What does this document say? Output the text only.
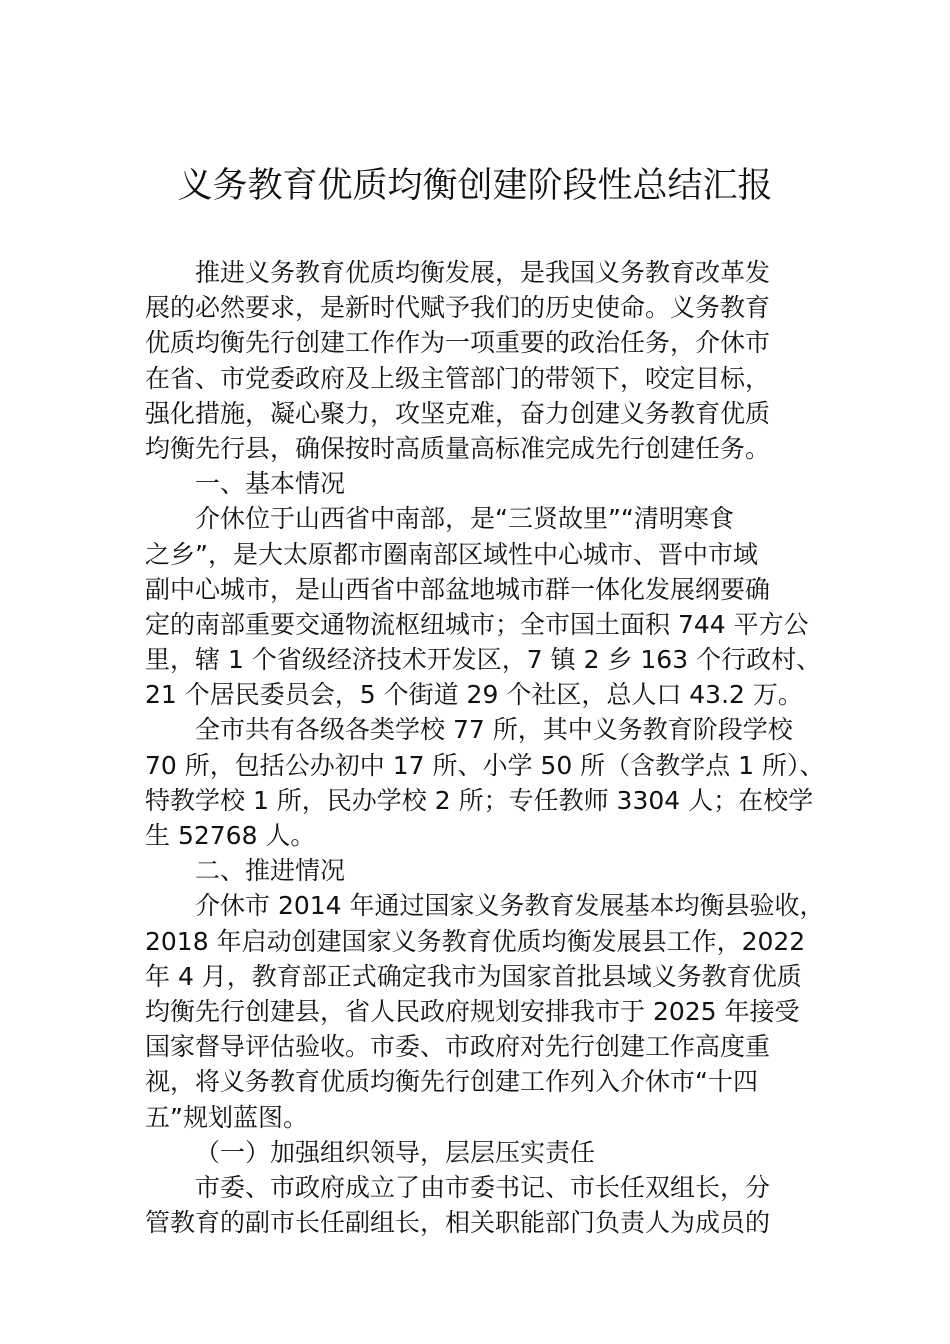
义务教育优质均衡创建阶段性总结汇报
推进义务教育优质均衡发展，是我国义务教育改革发
展的必然要求，是新时代赋予我们的历史使命。义务教育
优质均衡先行创建工作作为一项重要的政治任务，介休市
在省、市党委政府及上级主管部门的带领下，咬定目标，
强化措施，凝心聚力，攻坚克难，奋力创建义务教育优质
均衡先行县，确保按时高质量高标准完成先行创建任务。
一、基本情况
介休位于山西省中南部，是“三贤故里”“清明寒食
之乡”，是大太原都市圈南部区域性中心城市、晋中市域
副中心城市，是山西省中部盆地城市群一体化发展纲要确
定的南部重要交通物流枢纽城市；全市国土面积 744 平方公
里，辖 1 个省级经济技术开发区，7 镇 2 乡 163 个行政村、
21 个居民委员会，5 个街道 29 个社区，总人口 43.2 万。
全市共有各级各类学校 77 所，其中义务教育阶段学校
70 所，包括公办初中 17 所、小学 50 所（含教学点 1 所）、
特教学校 1 所，民办学校 2 所；专任教师 3304 人；在校学
生 52768 人。
二、推进情况
介休市 2014 年通过国家义务教育发展基本均衡县验收，
2018 年启动创建国家义务教育优质均衡发展县工作，2022
年 4 月，教育部正式确定我市为国家首批县域义务教育优质
均衡先行创建县，省人民政府规划安排我市于 2025 年接受
国家督导评估验收。市委、市政府对先行创建工作高度重
视，将义务教育优质均衡先行创建工作列入介休市“十四
五”规划蓝图。
（一）加强组织领导，层层压实责任
市委、市政府成立了由市委书记、市长任双组长，分
管教育的副市长任副组长，相关职能部门负责人为成员的
